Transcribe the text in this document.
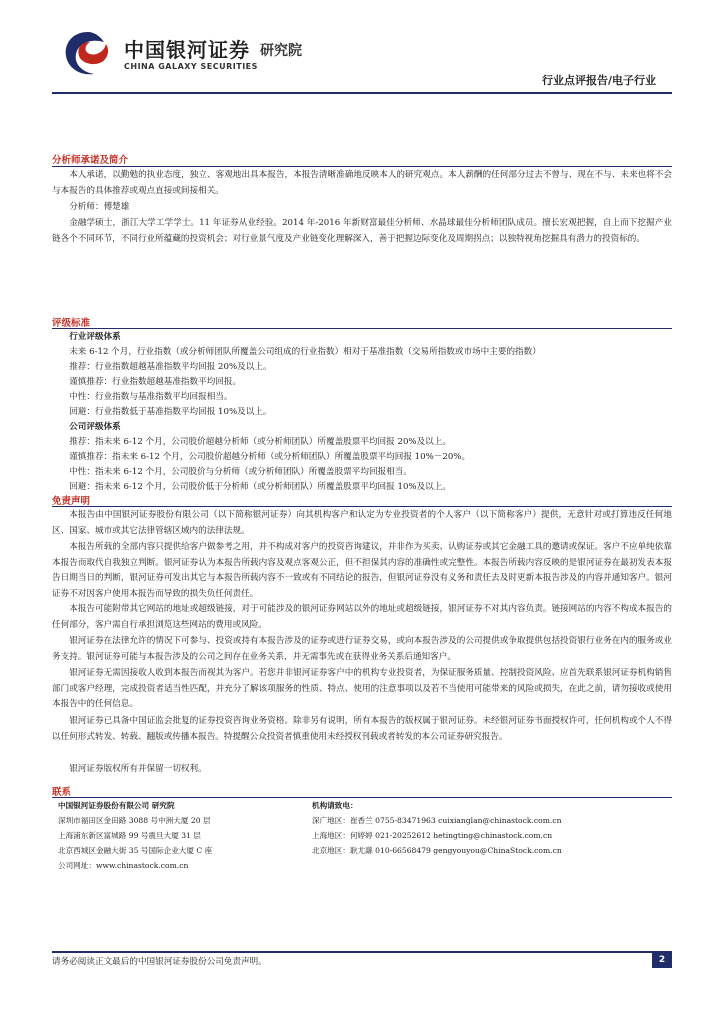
中国银河证券 研究院
CHINA GALAXY SECURITIES
行业点评报告/电子行业
分析师承诺及简介
本人承诺，以勤勉的执业态度，独立、客观地出具本报告，本报告清晰准确地反映本人的研究观点。本人薪酬的任何部分过去不曾与、现在不与、未来也将不会与本报告的具体推荐或观点直接或间接相关。
分析师：傅楚雄
金融学硕士，浙江大学工学学士。11 年证券从业经验。2014 年-2016 年新财富最佳分析师、水晶球最佳分析师团队成员。擅长宏观把握，自上而下挖掘产业链各个不同环节，不同行业所蕴藏的投资机会；对行业景气度及产业链变化理解深入，善于把握边际变化及周期拐点；以独特视角挖掘具有潜力的投资标的。
评级标准
行业评级体系
未来 6-12 个月，行业指数（或分析师团队所覆盖公司组成的行业指数）相对于基准指数（交易所指数或市场中主要的指数）
推荐：行业指数超越基准指数平均回报 20%及以上。
谨慎推荐：行业指数超越基准指数平均回报。
中性：行业指数与基准指数平均回报相当。
回避：行业指数低于基准指数平均回报 10%及以上。
公司评级体系
推荐：指未来 6-12 个月，公司股价超越分析师（或分析师团队）所覆盖股票平均回报 20%及以上。
谨慎推荐：指未来 6-12 个月，公司股价超越分析师（或分析师团队）所覆盖股票平均回报 10%－20%。
中性：指未来 6-12 个月，公司股价与分析师（或分析师团队）所覆盖股票平均回报相当。
回避：指未来 6-12 个月，公司股价低于分析师（或分析师团队）所覆盖股票平均回报 10%及以上。
免责声明
本报告由中国银河证券股份有限公司（以下简称银河证券）向其机构客户和认定为专业投资者的个人客户（以下简称客户）提供，无意针对或打算违反任何地区、国家、城市或其它法律管辖区域内的法律法规。
本报告所载的全部内容只提供给客户做参考之用，并不构成对客户的投资咨询建议，并非作为买卖、认购证券或其它金融工具的邀请或保证。客户不应单纯依靠本报告而取代自我独立判断。银河证券认为本报告所载内容及观点客观公正，但不担保其内容的准确性或完整性。本报告所载内容反映的是银河证券在最初发表本报告日期当日的判断，银河证券可发出其它与本报告所载内容不一致或有不同结论的报告，但银河证券没有义务和责任去及时更新本报告涉及的内容并通知客户。银河证券不对因客户使用本报告而导致的损失负任何责任。
本报告可能附带其它网站的地址或超级链接，对于可能涉及的银河证券网站以外的地址或超级链接，银河证券不对其内容负责。链接网站的内容不构成本报告的任何部分，客户需自行承担浏览这些网站的费用或风险。
银河证券在法律允许的情况下可参与、投资或持有本报告涉及的证券或进行证券交易，或向本报告涉及的公司提供或争取提供包括投资银行业务在内的服务或业务支持。银河证券可能与本报告涉及的公司之间存在业务关系，并无需事先或在获得业务关系后通知客户。
银河证券无需因接收人收到本报告而视其为客户。若您并非银河证券客户中的机构专业投资者，为保证服务质量、控制投资风险、应首先联系银河证券机构销售部门或客户经理，完成投资者适当性匹配，并充分了解该项服务的性质、特点、使用的注意事项以及若不当使用可能带来的风险或损失，在此之前，请勿接收或使用本报告中的任何信息。
银河证券已具备中国证监会批复的证券投资咨询业务资格。除非另有说明，所有本报告的版权属于银河证券。未经银河证券书面授权许可，任何机构或个人不得以任何形式转发、转载、翻版或传播本报告。特提醒公众投资者慎重使用未经授权刊载或者转发的本公司证券研究报告。
银河证券版权所有并保留一切权利。
联系
中国银河证券股份有限公司 研究院
深圳市福田区金田路 3088 号中洲大厦 20 层
上海浦东新区富城路 99 号震旦大厦 31 层
北京西城区金融大街 35 号国际企业大厦 C 座
公司网址：www.chinastock.com.cn
机构请致电：
深广地区：崔香兰 0755-83471963 cuixianglan@chinastock.com.cn
上海地区：何婷婷 021-20252612 hetingting@chinastock.com.cn
北京地区：耿尤繇 010-66568479 gengyouyou@ChinaStock.com.cn
请务必阅读正文最后的中国银河证券股份公司免责声明。	2
